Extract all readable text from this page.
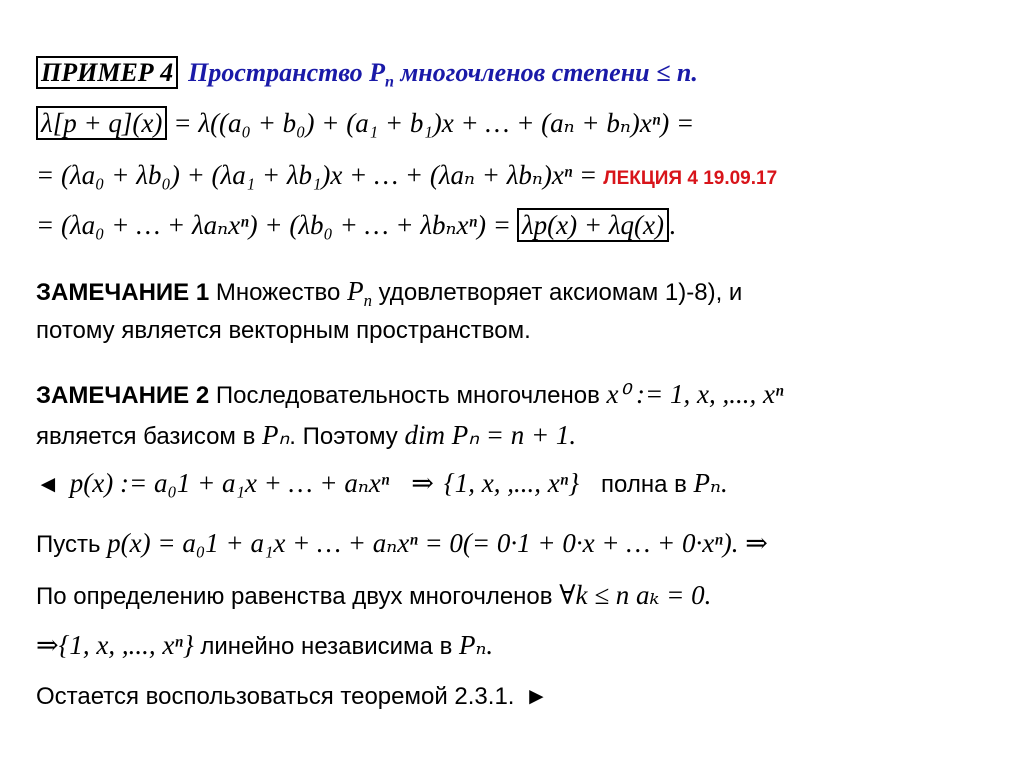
ПРИМЕР 4 Пространство $P_n$ многочленов степени ≤ n.
λ[p + q](x) = λ((a₀ + b₀) + (a₁ + b₁)x + … + (aₙ + bₙ)xⁿ) =
= (λa₀ + λb₀) + (λa₁ + λb₁)x + … + (λaₙ + λbₙ)xⁿ = ЛЕКЦИЯ 4 19.09.17
= (λa₀ + … + λaₙxⁿ) + (λb₀ + … + λbₙxⁿ) = λp(x) + λq(x) .
ЗАМЕЧАНИЕ 1 Множество $P_n$ удовлетворяет аксиомам 1)-8), и
потому является векторным пространством.
ЗАМЕЧАНИЕ 2 Последовательность многочленов x⁰ := 1, x, ,..., xⁿ
является базисом в Pₙ. Поэтому dim Pₙ = n + 1.
◄ p(x) := a₀1 + a₁x + … + aₙxⁿ ⇒ {1, x, ,..., xⁿ} полна в Pₙ.
Пусть p(x) = a₀1 + a₁x + … + aₙxⁿ = 0(= 0·1 + 0·x + … + 0·xⁿ). ⇒
По определению равенства двух многочленов ∀k ≤ n aₖ = 0.
⇒{1, x, ,..., xⁿ} линейно независима в Pₙ.
Остается воспользоваться теоремой 2.3.1. ►
